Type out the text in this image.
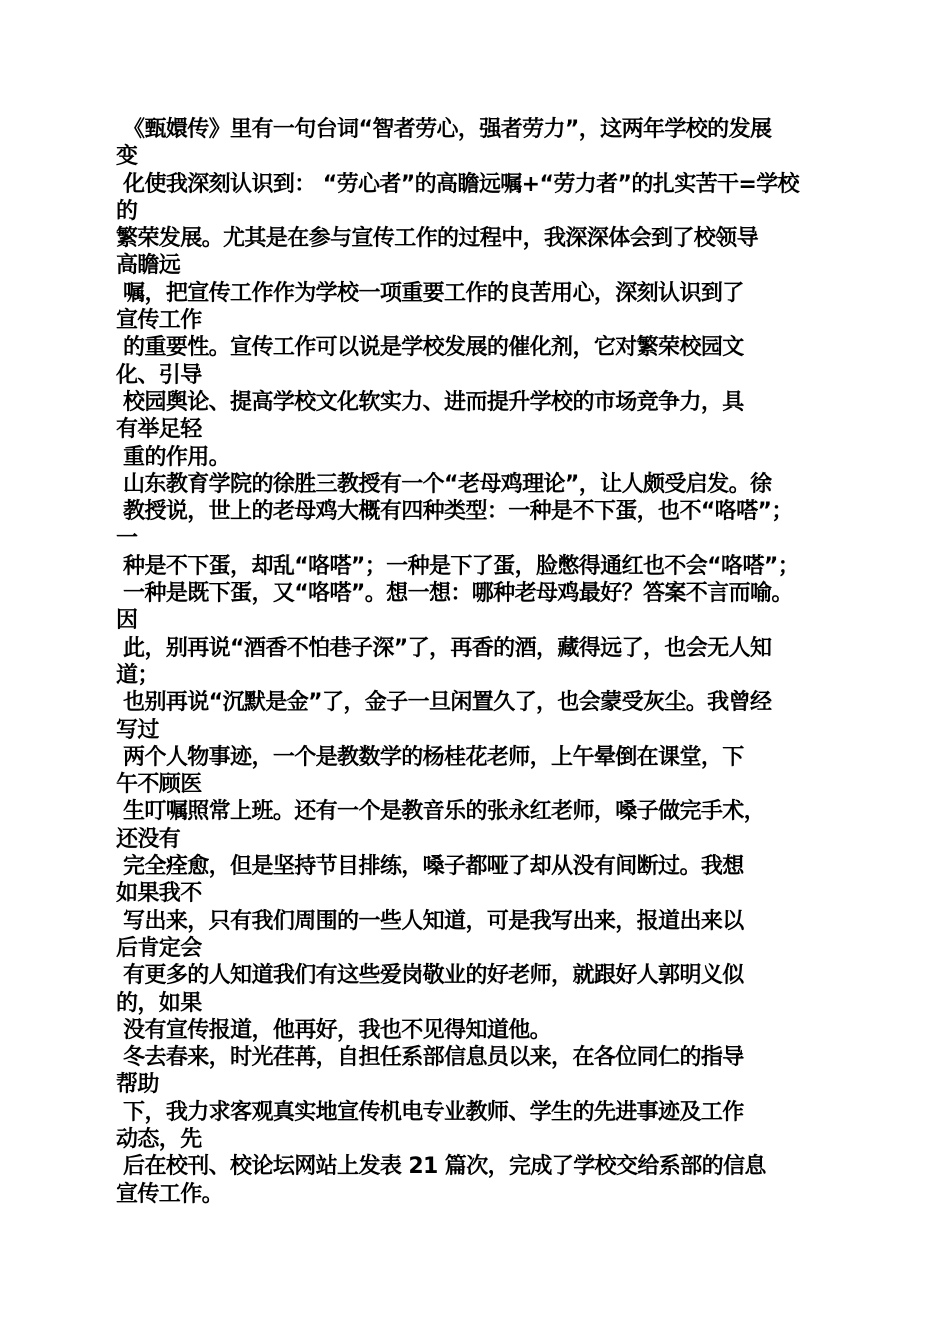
《甄嬛传》里有一句台词“智者劳心，强者劳力”，这两年学校的发展
变
化使我深刻认识到： “劳心者”的高瞻远嘱+“劳力者”的扎实苦干=学校
的
繁荣发展。尤其是在参与宣传工作的过程中，我深深体会到了校领导
高瞻远
嘱，把宣传工作作为学校一项重要工作的良苦用心，深刻认识到了
宣传工作
的重要性。宣传工作可以说是学校发展的催化剂，它对繁荣校园文
化、引导
校园舆论、提高学校文化软实力、进而提升学校的市场竞争力，具
有举足轻
重的作用。
山东教育学院的徐胜三教授有一个“老母鸡理论”，让人颇受启发。徐
教授说，世上的老母鸡大概有四种类型：一种是不下蛋，也不“咯嗒”；
一
种是不下蛋，却乱“咯嗒”；一种是下了蛋，脸憋得通红也不会“咯嗒”；
一种是既下蛋，又“咯嗒”。想一想：哪种老母鸡最好？答案不言而喻。
因
此，别再说“酒香不怕巷子深”了，再香的酒，藏得远了，也会无人知
道；
也别再说“沉默是金”了，金子一旦闲置久了，也会蒙受灰尘。我曾经
写过
两个人物事迹，一个是教数学的杨桂花老师，上午晕倒在课堂，下
午不顾医
生叮嘱照常上班。还有一个是教音乐的张永红老师，嗓子做完手术，
还没有
完全痊愈，但是坚持节目排练，嗓子都哑了却从没有间断过。我想
如果我不
写出来，只有我们周围的一些人知道，可是我写出来，报道出来以
后肯定会
有更多的人知道我们有这些爱岗敬业的好老师，就跟好人郭明义似
的，如果
没有宣传报道，他再好，我也不见得知道他。
冬去春来，时光荏苒，自担任系部信息员以来，在各位同仁的指导
帮助
下，我力求客观真实地宣传机电专业教师、学生的先进事迹及工作
动态，先
后在校刊、校论坛网站上发表 21 篇次，完成了学校交给系部的信息
宣传工作。
